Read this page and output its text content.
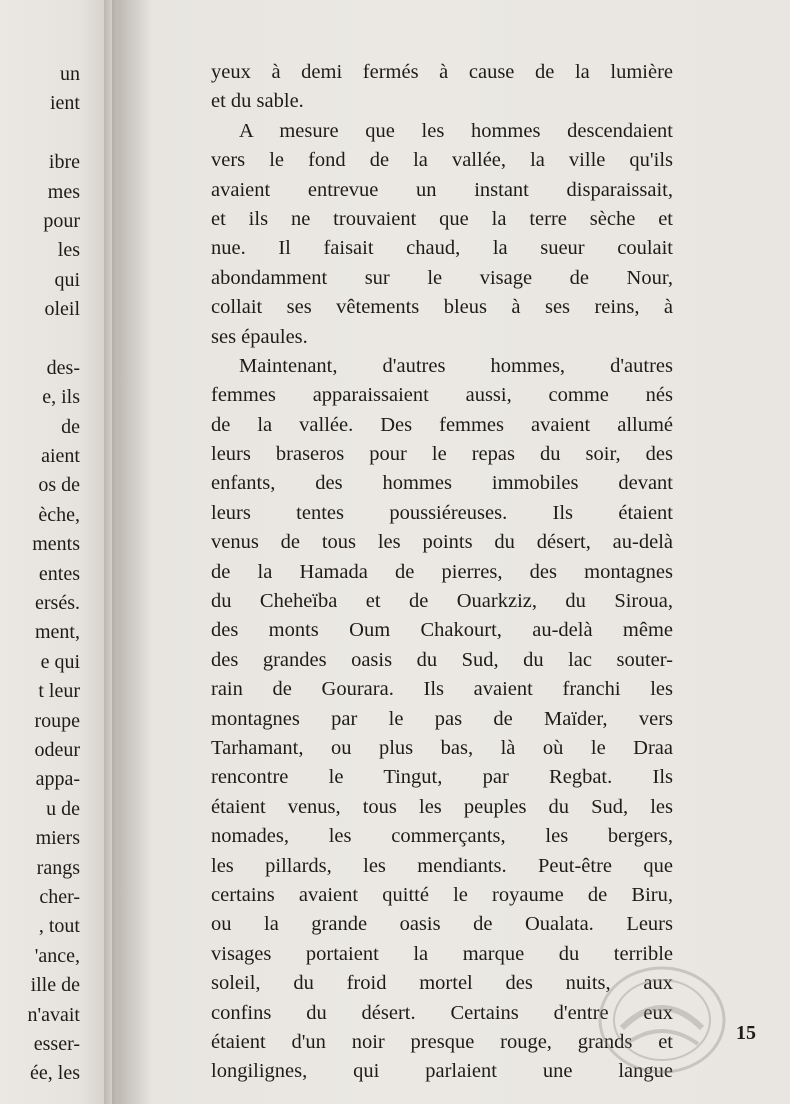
un
ient
ibre
mes
pour
les
qui
oleil
des-
e, ils
de
aient
os de
èche,
ments
entes
ersés.
ment,
e qui
t leur
roupe
odeur
appa-
u de
miers
rangs
cher-
, tout
'ance,
ille de
n'avait
esser-
ée, les
yeux à demi fermés à cause de la lumière
et du sable.
A mesure que les hommes descendaient
vers le fond de la vallée, la ville qu'ils
avaient entrevue un instant disparaissait,
et ils ne trouvaient que la terre sèche et
nue. Il faisait chaud, la sueur coulait
abondamment sur le visage de Nour,
collait ses vêtements bleus à ses reins, à
ses épaules.
Maintenant, d'autres hommes, d'autres
femmes apparaissaient aussi, comme nés
de la vallée. Des femmes avaient allumé
leurs braseros pour le repas du soir, des
enfants, des hommes immobiles devant
leurs tentes poussiéreuses. Ils étaient
venus de tous les points du désert, au-delà
de la Hamada de pierres, des montagnes
du Cheheïba et de Ouarkziz, du Siroua,
des monts Oum Chakourt, au-delà même
des grandes oasis du Sud, du lac souter-
rain de Gourara. Ils avaient franchi les
montagnes par le pas de Maïder, vers
Tarhamant, ou plus bas, là où le Draa
rencontre le Tingut, par Regbat. Ils
étaient venus, tous les peuples du Sud, les
nomades, les commerçants, les bergers,
les pillards, les mendiants. Peut-être que
certains avaient quitté le royaume de Biru,
ou la grande oasis de Oualata. Leurs
visages portaient la marque du terrible
soleil, du froid mortel des nuits, aux
confins du désert. Certains d'entre eux
étaient d'un noir presque rouge, grands et
longilignes, qui parlaient une langue
15
